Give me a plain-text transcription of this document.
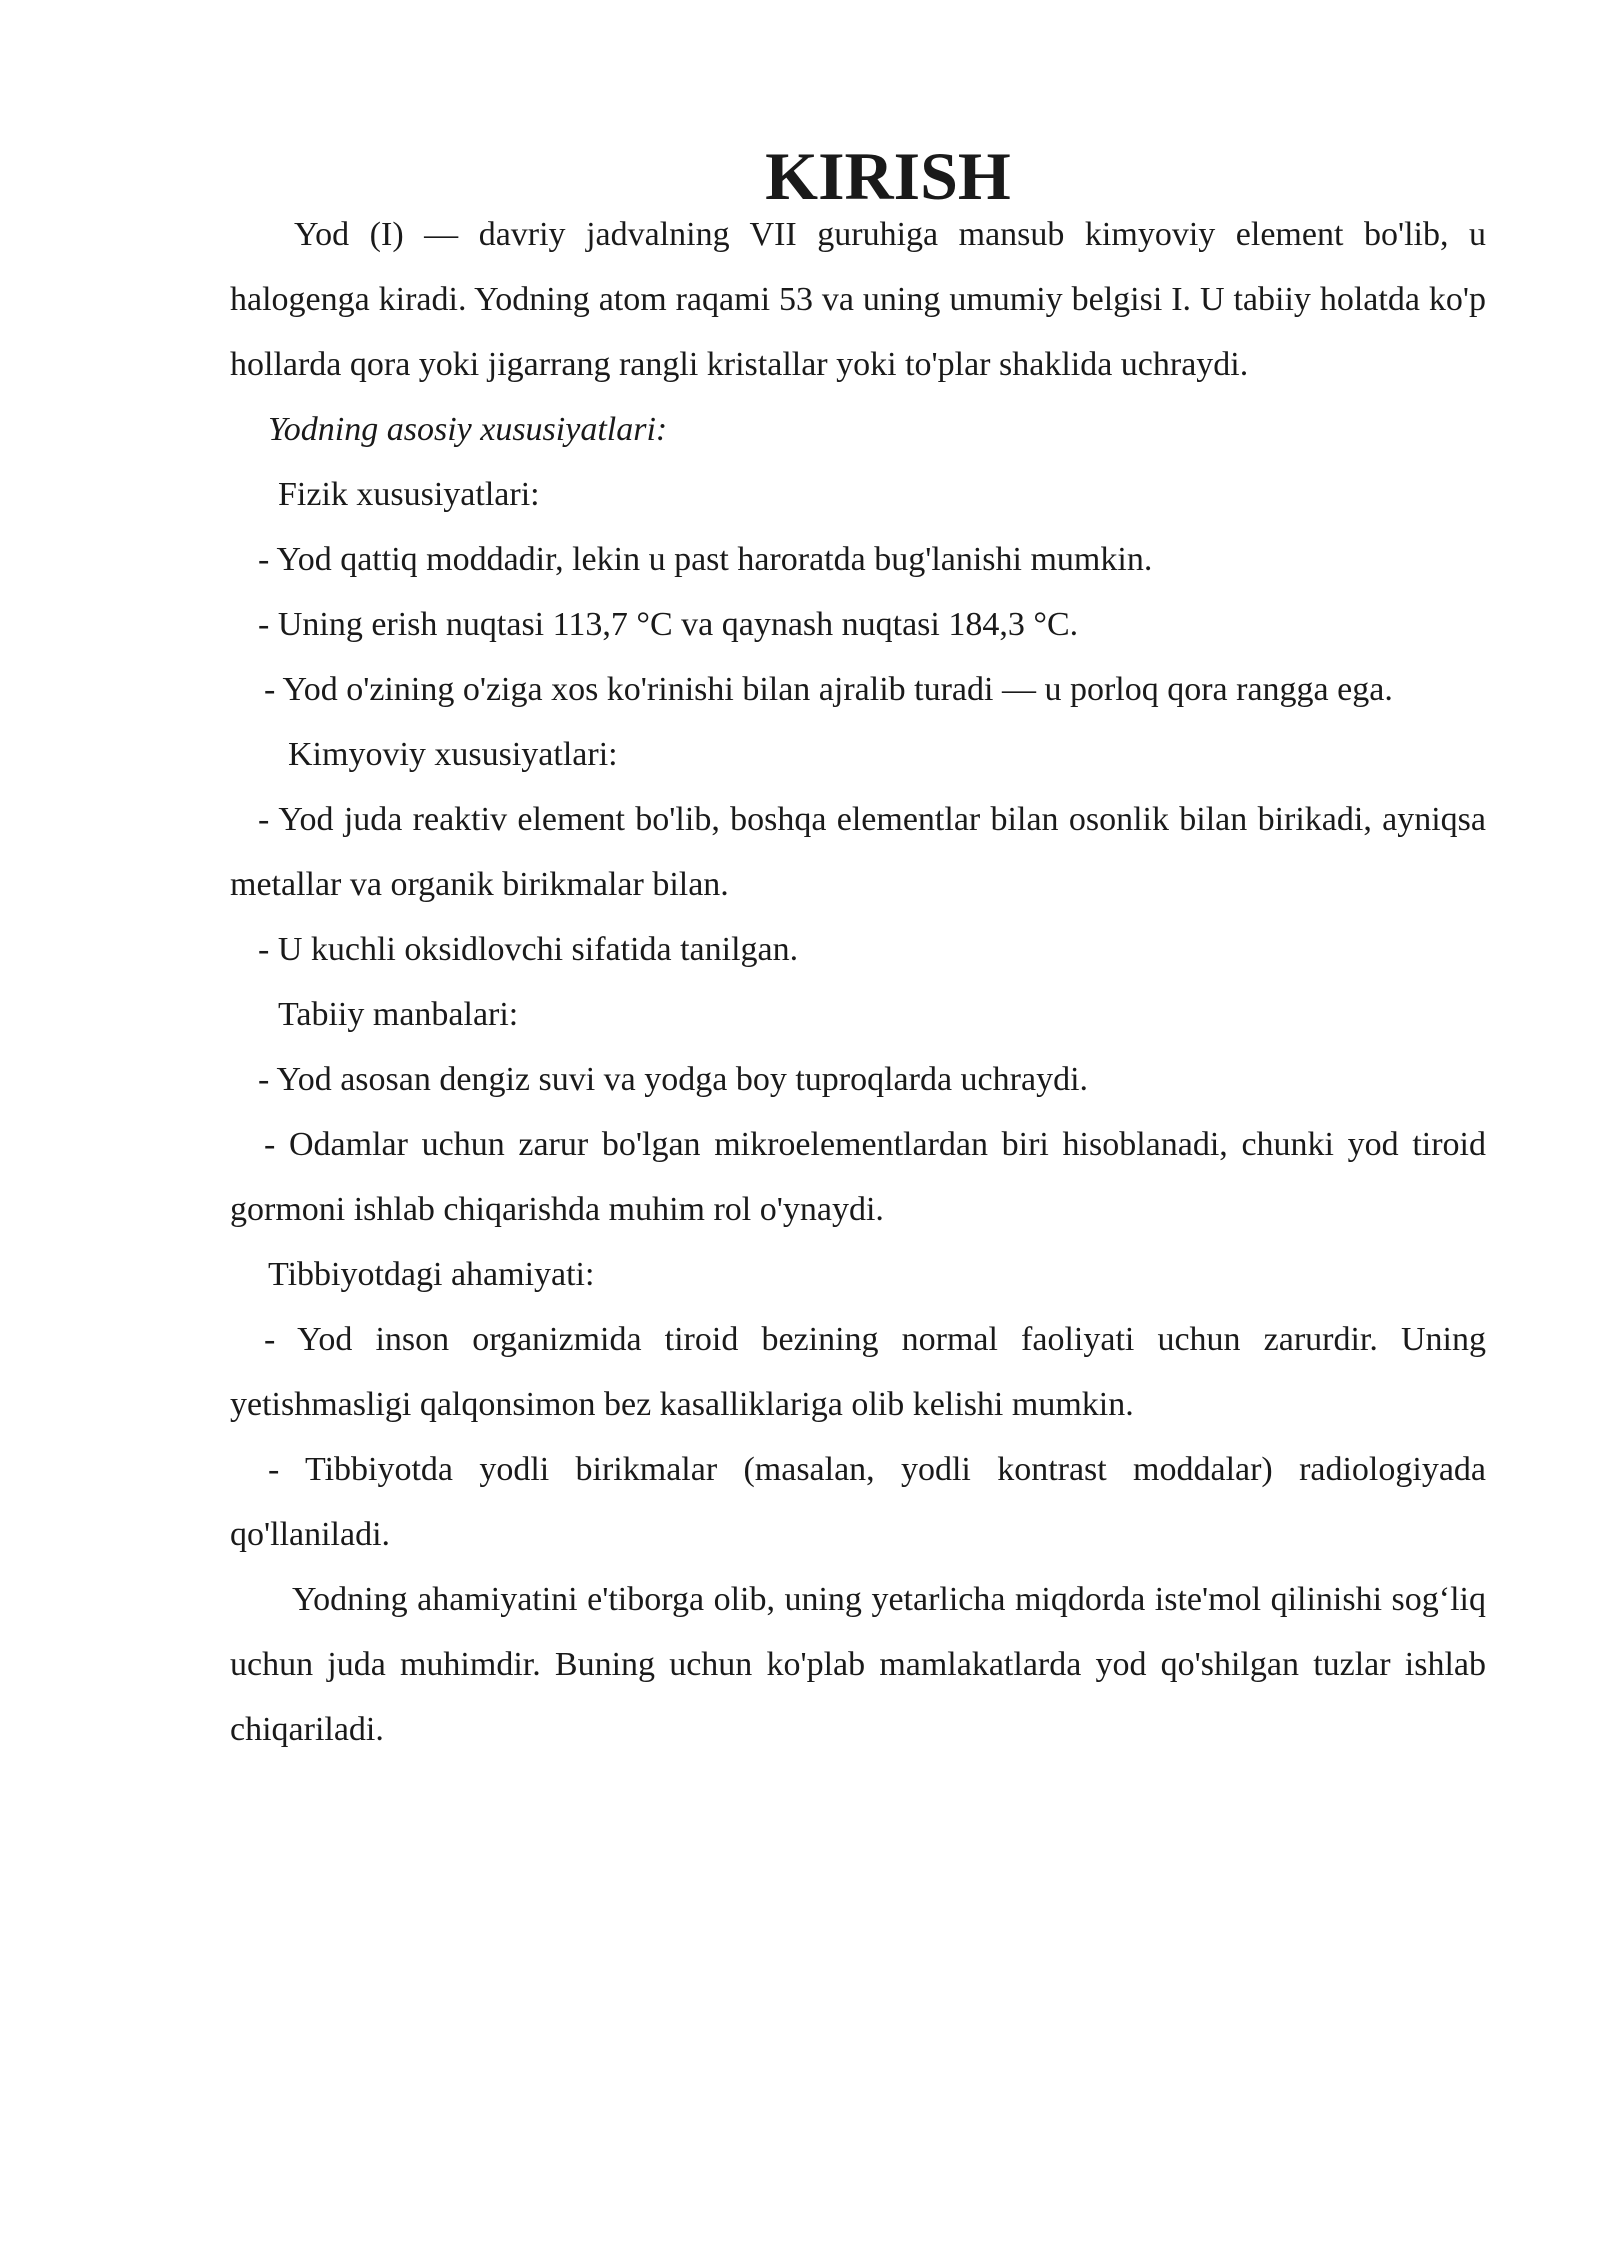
KIRISH

Yod (I) — davriy jadvalning VII guruhiga mansub kimyoviy element bo'lib, u halogenga kiradi. Yodning atom raqami 53 va uning umumiy belgisi I. U tabiiy holatda ko'p hollarda qora yoki jigarrang rangli kristallar yoki to'plar shaklida uchraydi.

Yodning asosiy xususiyatlari:

Fizik xususiyatlari:

- Yod qattiq moddadir, lekin u past haroratda bug'lanishi mumkin.

- Uning erish nuqtasi 113,7 °C va qaynash nuqtasi 184,3 °C.

- Yod o'zining o'ziga xos ko'rinishi bilan ajralib turadi — u porloq qora rangga ega.

Kimyoviy xususiyatlari:

- Yod juda reaktiv element bo'lib, boshqa elementlar bilan osonlik bilan birikadi, ayniqsa metallar va organik birikmalar bilan.

- U kuchli oksidlovchi sifatida tanilgan.

Tabiiy manbalari:

- Yod asosan dengiz suvi va yodga boy tuproqlarda uchraydi.

- Odamlar uchun zarur bo'lgan mikroelementlardan biri hisoblanadi, chunki yod tiroid gormoni ishlab chiqarishda muhim rol o'ynaydi.

Tibbiyotdagi ahamiyati:

- Yod inson organizmida tiroid bezining normal faoliyati uchun zarurdir. Uning yetishmasligi qalqonsimon bez kasalliklariga olib kelishi mumkin.

- Tibbiyotda yodli birikmalar (masalan, yodli kontrast moddalar) radiologiyada qo'llaniladi.

Yodning ahamiyatini e'tiborga olib, uning yetarlicha miqdorda iste'mol qilinishi sog‘liq uchun juda muhimdir. Buning uchun ko'plab mamlakatlarda yod qo'shilgan tuzlar ishlab chiqariladi.
